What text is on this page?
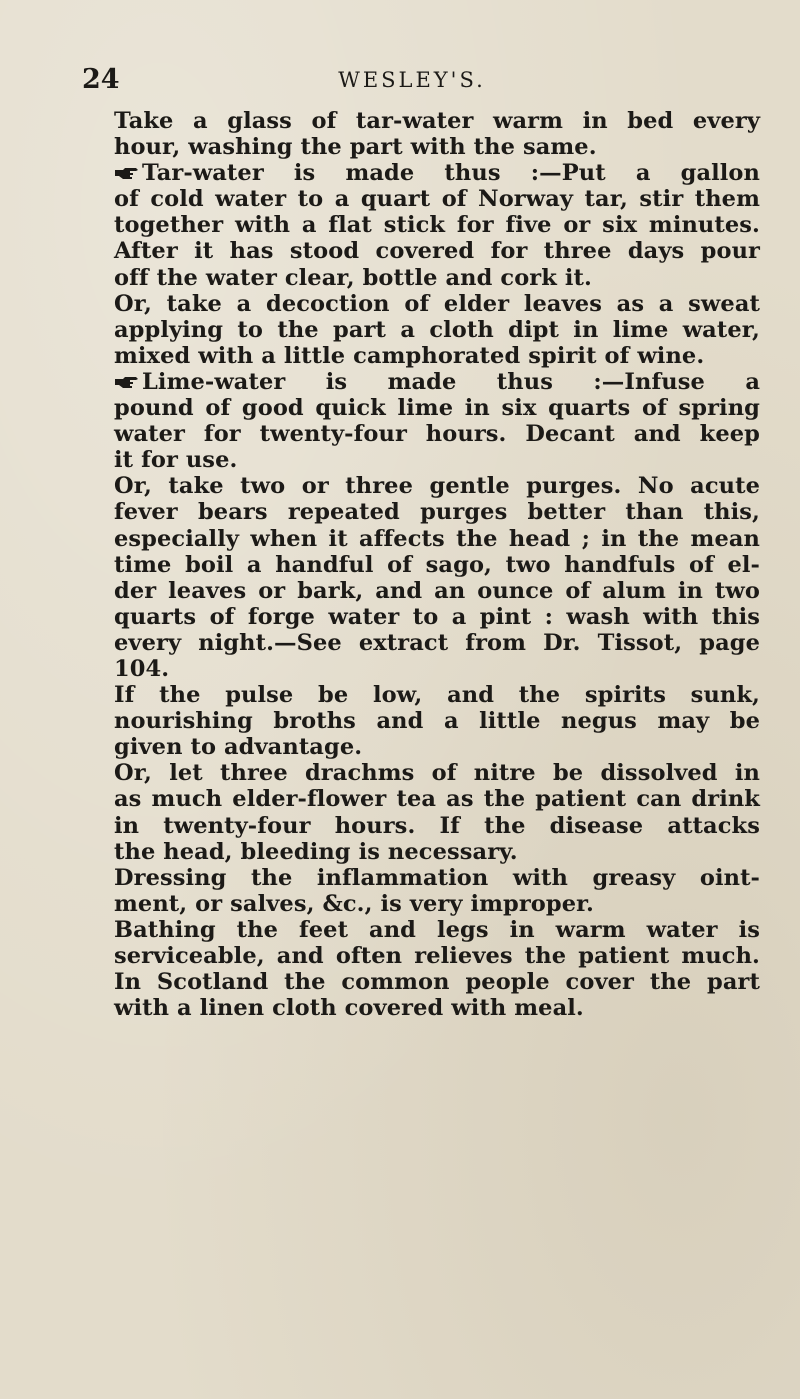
24	WESLEY'S.
Take a glass of tar-water warm in bed every
hour, washing the part with the same.
Tar-water is made thus :—Put a gallon
of cold water to a quart of Norway tar, stir them
together with a flat stick for five or six minutes.
After it has stood covered for three days pour
off the water clear, bottle and cork it.
Or, take a decoction of elder leaves as a sweat
applying to the part a cloth dipt in lime water,
mixed with a little camphorated spirit of wine.
Lime-water is made thus :—Infuse a
pound of good quick lime in six quarts of spring
water for twenty-four hours. Decant and keep
it for use.
Or, take two or three gentle purges. No acute
fever bears repeated purges better than this,
especially when it affects the head ; in the mean
time boil a handful of sago, two handfuls of el-
der leaves or bark, and an ounce of alum in two
quarts of forge water to a pint : wash with this
every night.—See extract from Dr. Tissot, page
104.
If the pulse be low, and the spirits sunk,
nourishing broths and a little negus may be
given to advantage.
Or, let three drachms of nitre be dissolved in
as much elder-flower tea as the patient can drink
in twenty-four hours. If the disease attacks
the head, bleeding is necessary.
Dressing the inflammation with greasy oint-
ment, or salves, &c., is very improper.
Bathing the feet and legs in warm water is
serviceable, and often relieves the patient much.
In Scotland the common people cover the part
with a linen cloth covered with meal.
